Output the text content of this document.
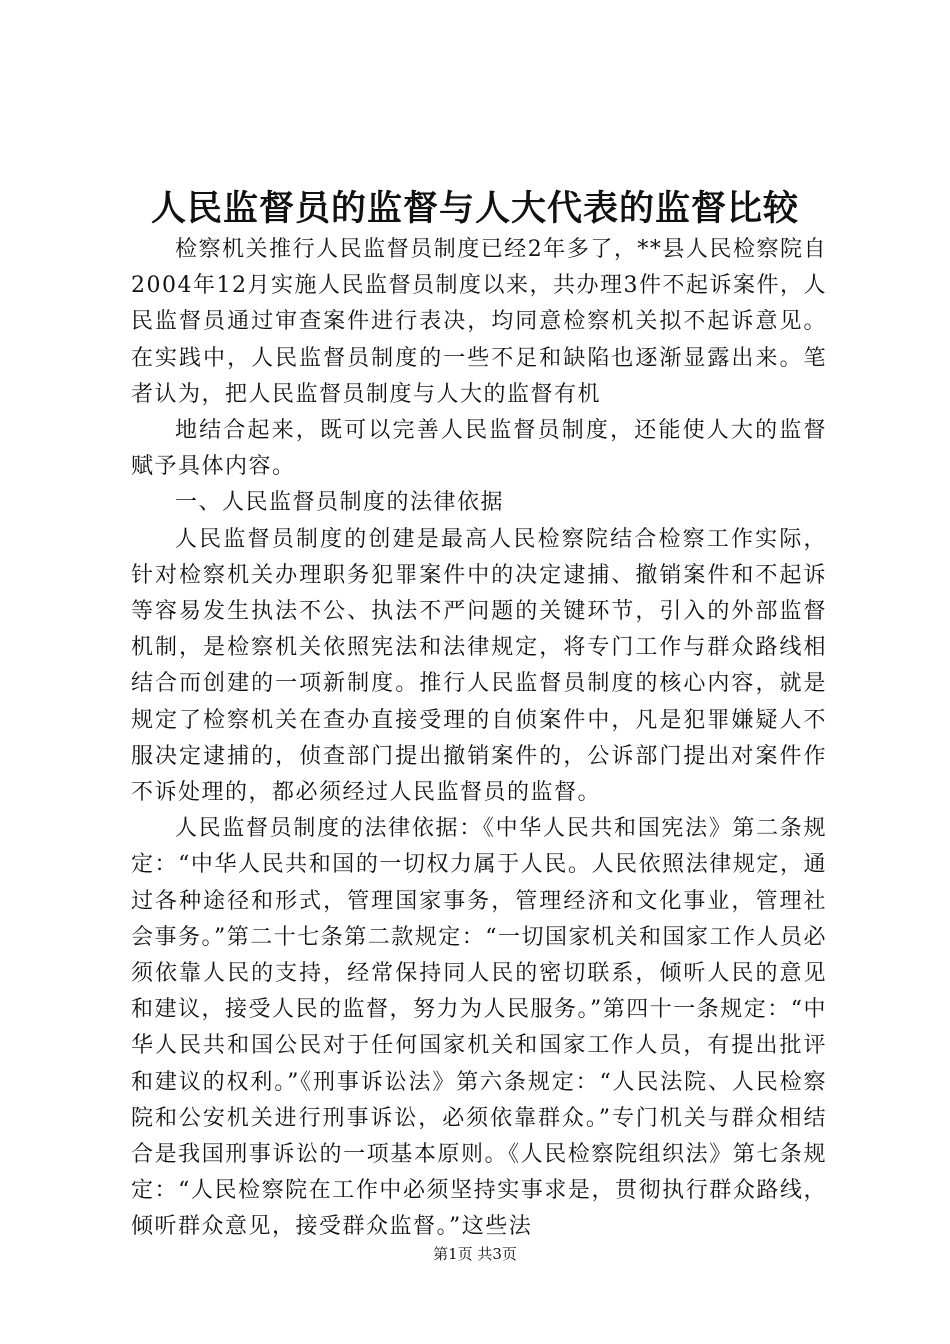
人民监督员的监督与人大代表的监督比较

检察机关推行人民监督员制度已经2年多了，**县人民检察院自2004年12月实施人民监督员制度以来，共办理3件不起诉案件，人民监督员通过审查案件进行表决，均同意检察机关拟不起诉意见。在实践中，人民监督员制度的一些不足和缺陷也逐渐显露出来。笔者认为，把人民监督员制度与人大的监督有机

地结合起来，既可以完善人民监督员制度，还能使人大的监督赋予具体内容。

一、人民监督员制度的法律依据

人民监督员制度的创建是最高人民检察院结合检察工作实际，针对检察机关办理职务犯罪案件中的决定逮捕、撤销案件和不起诉等容易发生执法不公、执法不严问题的关键环节，引入的外部监督机制，是检察机关依照宪法和法律规定，将专门工作与群众路线相结合而创建的一项新制度。推行人民监督员制度的核心内容，就是规定了检察机关在查办直接受理的自侦案件中，凡是犯罪嫌疑人不服决定逮捕的，侦查部门提出撤销案件的，公诉部门提出对案件作不诉处理的，都必须经过人民监督员的监督。

人民监督员制度的法律依据：《中华人民共和国宪法》第二条规定：“中华人民共和国的一切权力属于人民。人民依照法律规定，通过各种途径和形式，管理国家事务，管理经济和文化事业，管理社会事务。”第二十七条第二款规定：“一切国家机关和国家工作人员必须依靠人民的支持，经常保持同人民的密切联系，倾听人民的意见和建议，接受人民的监督，努力为人民服务。”第四十一条规定：“中华人民共和国公民对于任何国家机关和国家工作人员，有提出批评和建议的权利。”《刑事诉讼法》第六条规定：“人民法院、人民检察院和公安机关进行刑事诉讼，必须依靠群众。”专门机关与群众相结合是我国刑事诉讼的一项基本原则。《人民检察院组织法》第七条规定：“人民检察院在工作中必须坚持实事求是，贯彻执行群众路线，倾听群众意见，接受群众监督。”这些法

第1页 共3页
